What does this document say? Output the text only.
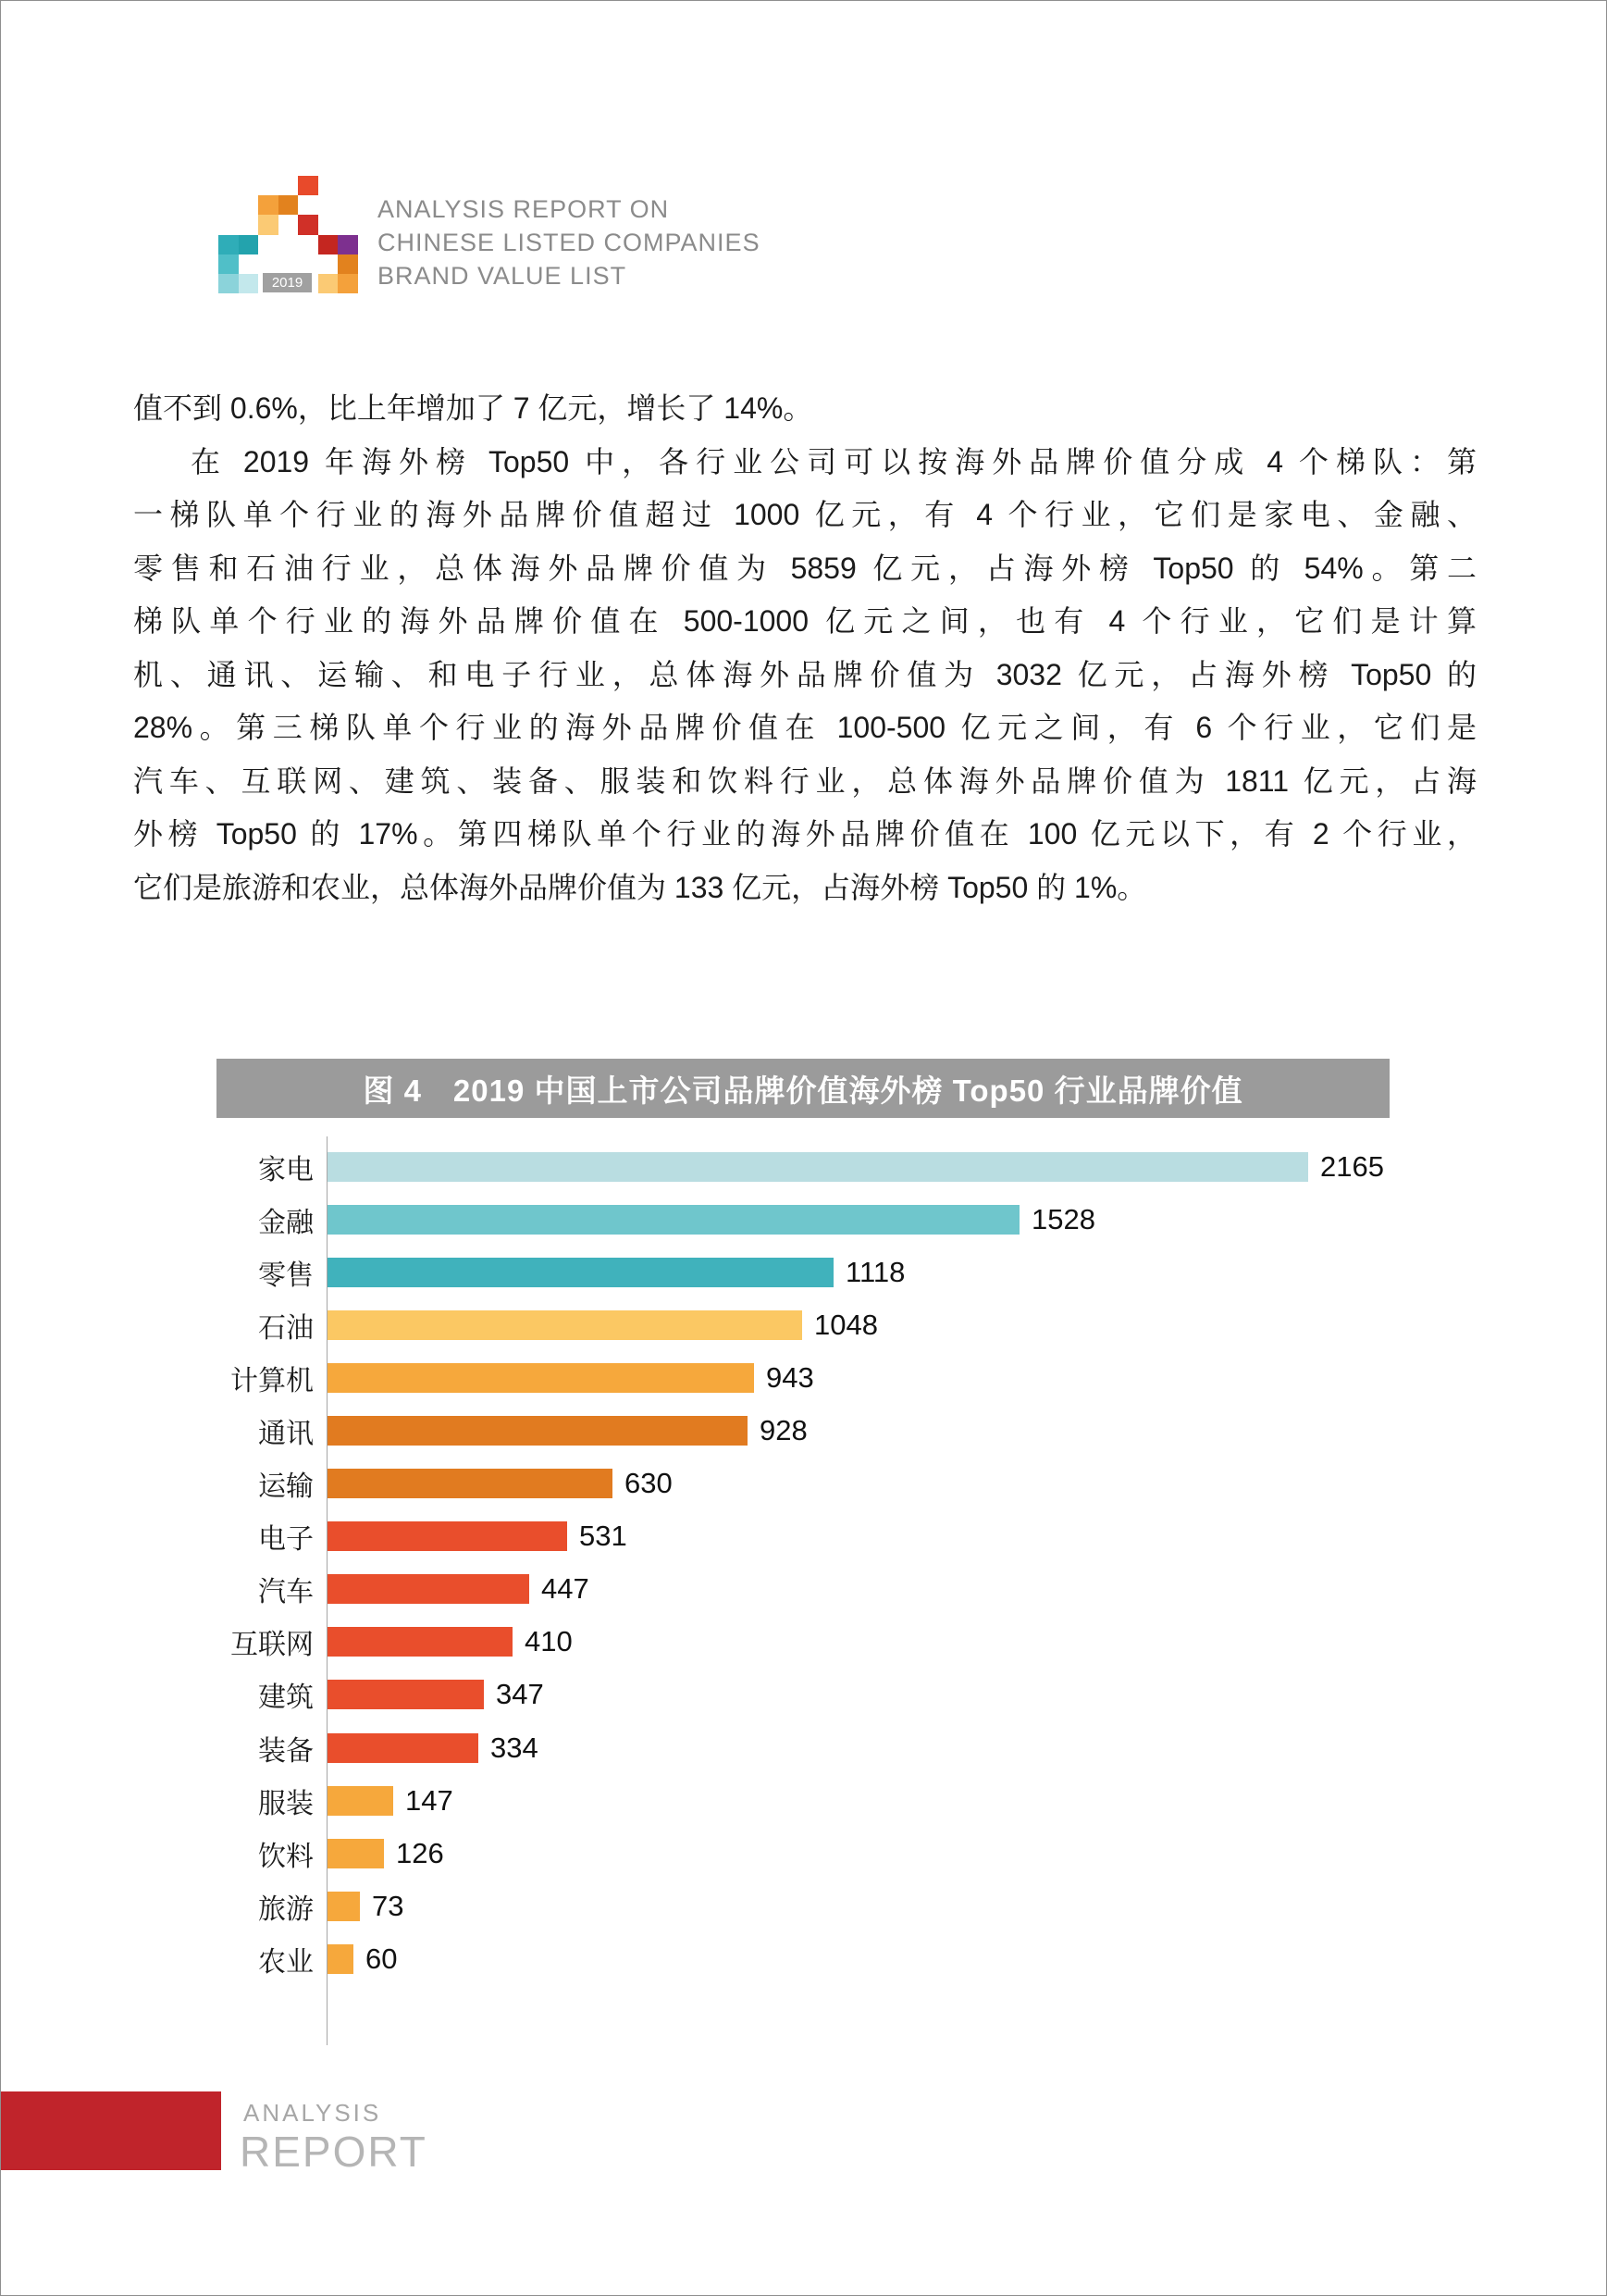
2019
ANALYSIS REPORT ON
CHINESE LISTED COMPANIES
BRAND VALUE LIST
值不到 0.6%，比上年增加了 7 亿元，增长了 14%。
在 2019 年海外榜 Top50 中，各行业公司可以按海外品牌价值分成 4 个梯队：第
一梯队单个行业的海外品牌价值超过 1000 亿元，有 4 个行业，它们是家电、金融、
零售和石油行业，总体海外品牌价值为 5859 亿元，占海外榜 Top50 的 54%。第二
梯队单个行业的海外品牌价值在 500-1000 亿元之间，也有 4 个行业，它们是计算
机、通讯、运输、和电子行业，总体海外品牌价值为 3032 亿元，占海外榜 Top50 的
28%。第三梯队单个行业的海外品牌价值在 100-500 亿元之间，有 6 个行业，它们是
汽车、互联网、建筑、装备、服装和饮料行业，总体海外品牌价值为 1811 亿元，占海
外榜 Top50 的 17%。第四梯队单个行业的海外品牌价值在 100 亿元以下，有 2 个行业，
它们是旅游和农业，总体海外品牌价值为 133 亿元，占海外榜 Top50 的 1%。
图 4　2019 中国上市公司品牌价值海外榜 Top50 行业品牌价值
家电	2165
金融	1528
零售	1118
石油	1048
计算机	943
通讯	928
运输	630
电子	531
汽车	447
互联网	410
建筑	347
装备	334
服装	147
饮料	126
旅游	73
农业	60
ANALYSIS
REPORT
